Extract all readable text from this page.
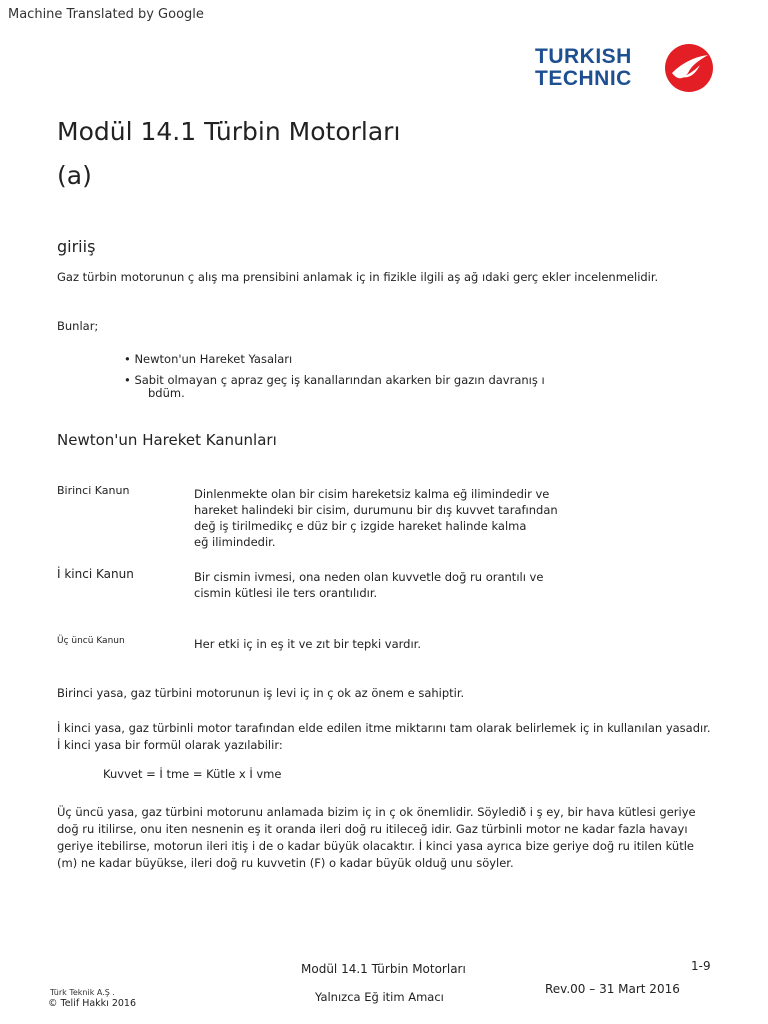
Machine Translated by Google
TURKISH
TECHNIC
Modül 14.1 Türbin Motorları
(a)
giriiş
Gaz türbin motorunun ç alış ma prensibini anlamak iç in fizikle ilgili aş ağ ıdaki gerç ekler incelenmelidir.
Bunlar;
• Newton'un Hareket Yasaları
• Sabit olmayan ç apraz geç iş kanallarından akarken bir gazın davranış ı
bdüm.
Newton'un Hareket Kanunları
Birinci Kanun	Dinlenmekte olan bir cisim hareketsiz kalma eğ ilimindedir ve
hareket halindeki bir cisim, durumunu bir dış kuvvet tarafından
değ iş tirilmedikç e düz bir ç izgide hareket halinde kalma
eğ ilimindedir.
İ kinci Kanun	Bir cismin ivmesi, ona neden olan kuvvetle doğ ru orantılı ve
cismin kütlesi ile ters orantılıdır.
Üç üncü Kanun	Her etki iç in eş it ve zıt bir tepki vardır.
Birinci yasa, gaz türbini motorunun iş levi iç in ç ok az önem e sahiptir.
İ kinci yasa, gaz türbinli motor tarafından elde edilen itme miktarını tam olarak belirlemek iç in kullanılan yasadır.
İ kinci yasa bir formül olarak yazılabilir:
Kuvvet = İ tme = Kütle x İ vme
Üç üncü yasa, gaz türbini motorunu anlamada bizim iç in ç ok önemlidir. Söyledið i ş ey, bir hava kütlesi geriye
doğ ru itilirse, onu iten nesnenin eş it oranda ileri doğ ru itileceğ idir. Gaz türbinli motor ne kadar fazla havayı
geriye itebilirse, motorun ileri itiş i de o kadar büyük olacaktır. İ kinci yasa ayrıca bize geriye doğ ru itilen kütle
(m) ne kadar büyükse, ileri doğ ru kuvvetin (F) o kadar büyük olduğ unu söyler.
Modül 14.1 Türbin Motorları	1-9
Rev.00 – 31 Mart 2016
Yalnızca Eğ itim Amacı
Türk Teknik A.Ş .
© Telif Hakkı 2016
